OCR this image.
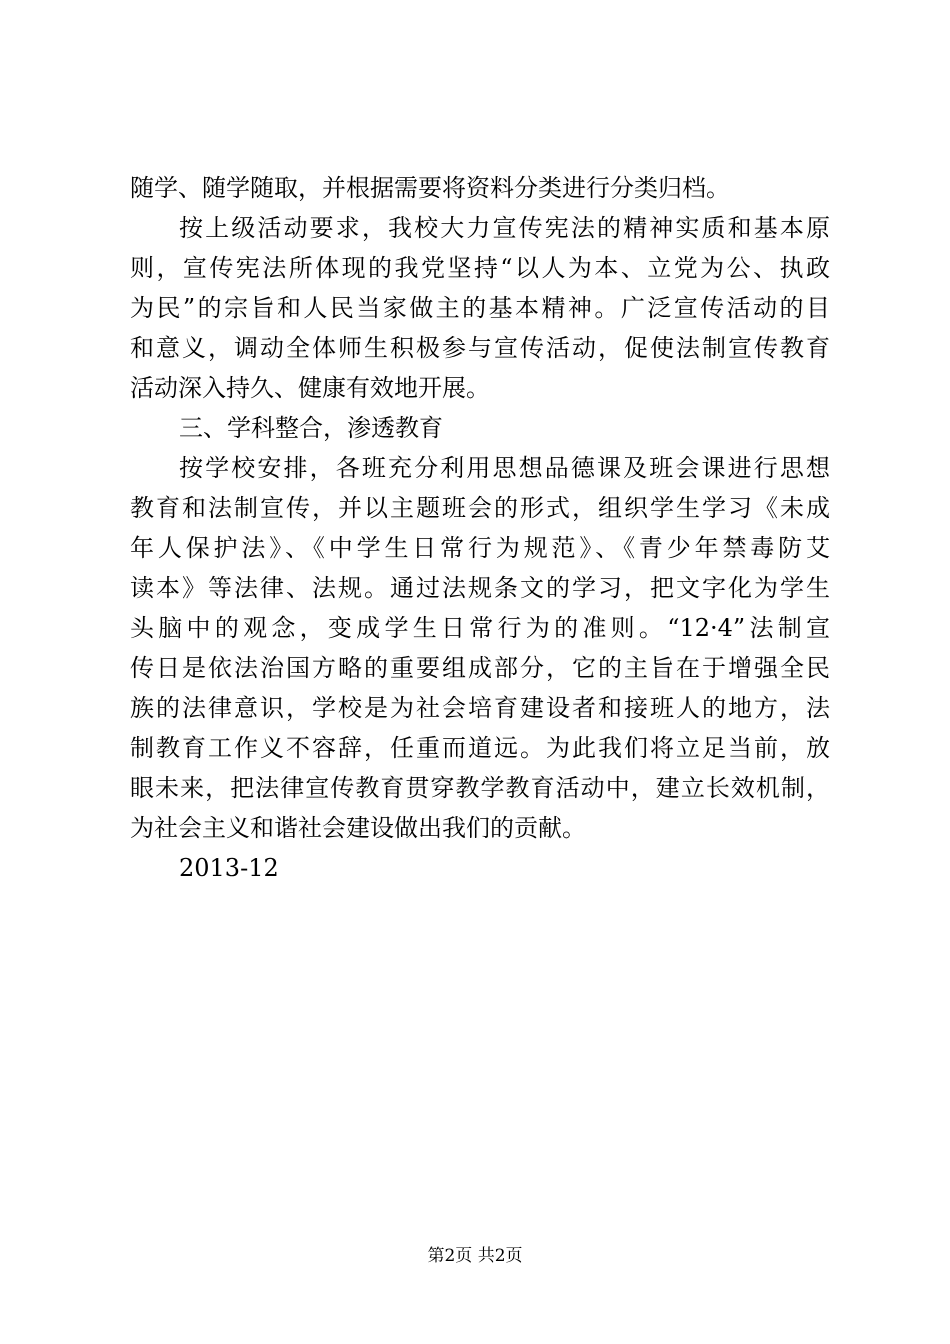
随学、随学随取，并根据需要将资料分类进行分类归档。
按上级活动要求，我校大力宣传宪法的精神实质和基本原
则，宣传宪法所体现的我党坚持“以人为本、立党为公、执政
为民”的宗旨和人民当家做主的基本精神。广泛宣传活动的目
和意义，调动全体师生积极参与宣传活动，促使法制宣传教育
活动深入持久、健康有效地开展。
三、学科整合，渗透教育
按学校安排，各班充分利用思想品德课及班会课进行思想
教育和法制宣传，并以主题班会的形式，组织学生学习《未成
年人保护法》、《中学生日常行为规范》、《青少年禁毒防艾
读本》等法律、法规。通过法规条文的学习，把文字化为学生
头脑中的观念，变成学生日常行为的准则。“12·4”法制宣
传日是依法治国方略的重要组成部分，它的主旨在于增强全民
族的法律意识，学校是为社会培育建设者和接班人的地方，法
制教育工作义不容辞，任重而道远。为此我们将立足当前，放
眼未来，把法律宣传教育贯穿教学教育活动中，建立长效机制，
为社会主义和谐社会建设做出我们的贡献。
2013-12
第2页 共2页
